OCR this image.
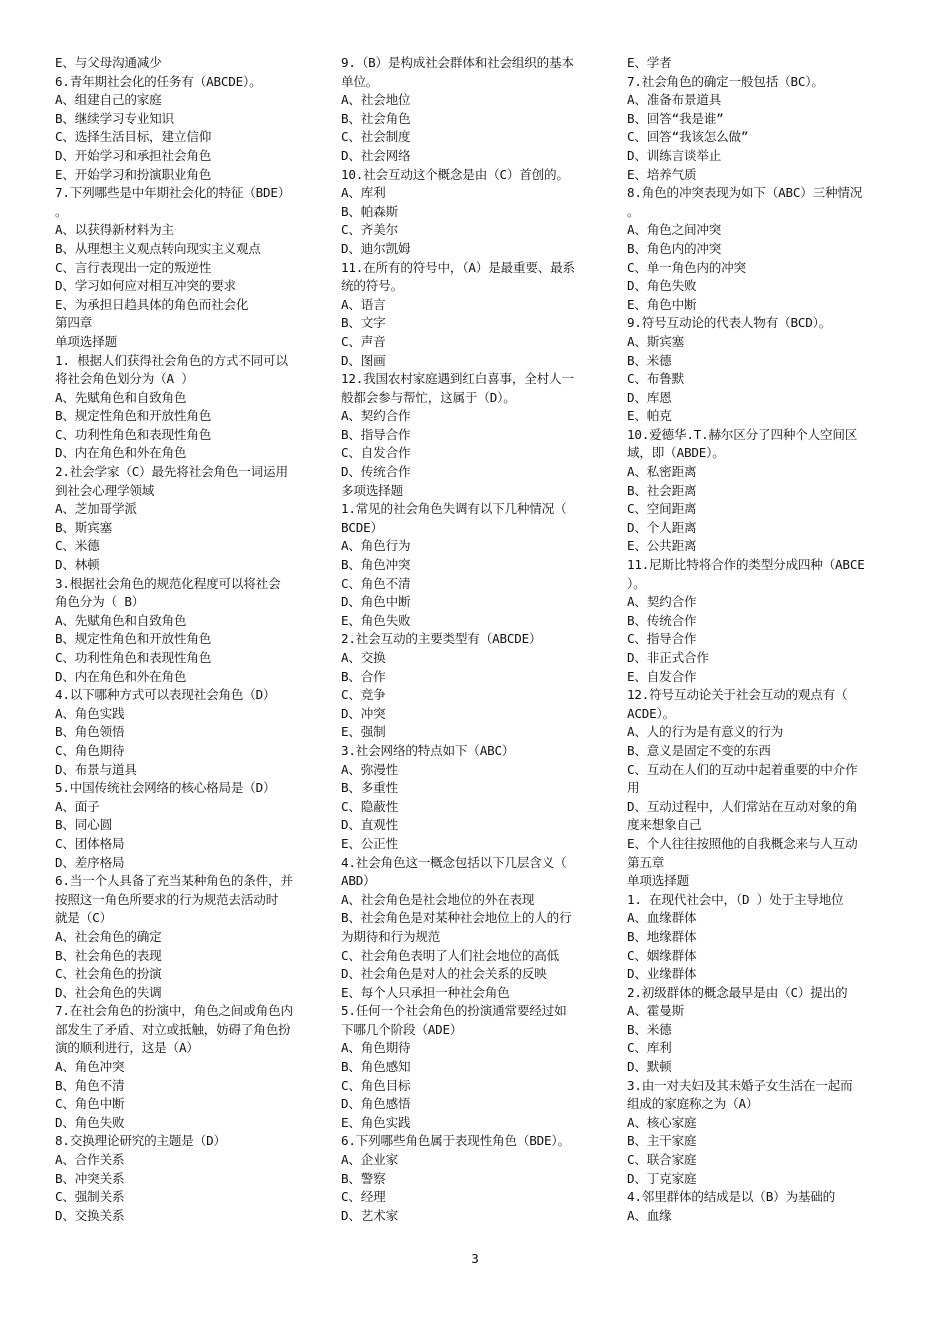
E、与父母沟通减少
6.青年期社会化的任务有（ABCDE）。
A、组建自己的家庭
B、继续学习专业知识
C、选择生活目标，建立信仰
D、开始学习和承担社会角色
E、开始学习和扮演职业角色
7.下列哪些是中年期社会化的特征（BDE）
。
A、以获得新材料为主
B、从理想主义观点转向现实主义观点
C、言行表现出一定的叛逆性
D、学习如何应对相互冲突的要求
E、为承担日趋具体的角色而社会化
第四章
单项选择题
1. 根据人们获得社会角色的方式不同可以
将社会角色划分为（A ）
A、先赋角色和自致角色
B、规定性角色和开放性角色
C、功利性角色和表现性角色
D、内在角色和外在角色
2.社会学家（C）最先将社会角色一词运用
到社会心理学领域
A、芝加哥学派
B、斯宾塞
C、米德
D、林顿
3.根据社会角色的规范化程度可以将社会
角色分为（ B）
A、先赋角色和自致角色
B、规定性角色和开放性角色
C、功利性角色和表现性角色
D、内在角色和外在角色
4.以下哪种方式可以表现社会角色（D）
A、角色实践
B、角色领悟
C、角色期待
D、布景与道具
5.中国传统社会网络的核心格局是（D）
A、面子
B、同心圆
C、团体格局
D、差序格局
6.当一个人具备了充当某种角色的条件，并
按照这一角色所要求的行为规范去活动时
就是（C）
A、社会角色的确定
B、社会角色的表现
C、社会角色的扮演
D、社会角色的失调
7.在社会角色的扮演中，角色之间或角色内
部发生了矛盾、对立或抵触，妨碍了角色扮
演的顺利进行，这是（A）
A、角色冲突
B、角色不清
C、角色中断
D、角色失败
8.交换理论研究的主题是（D）
A、合作关系
B、冲突关系
C、强制关系
D、交换关系
9.（B）是构成社会群体和社会组织的基本
单位。
A、社会地位
B、社会角色
C、社会制度
D、社会网络
10.社会互动这个概念是由（C）首创的。
A、库利
B、帕森斯
C、齐美尔
D、迪尔凯姆
11.在所有的符号中，（A）是最重要、最系
统的符号。
A、语言
B、文字
C、声音
D、图画
12.我国农村家庭遇到红白喜事，全村人一
般都会参与帮忙，这属于（D）。
A、契约合作
B、指导合作
C、自发合作
D、传统合作
多项选择题
1.常见的社会角色失调有以下几种情况（
BCDE）
A、角色行为
B、角色冲突
C、角色不清
D、角色中断
E、角色失败
2.社会互动的主要类型有（ABCDE）
A、交换
B、合作
C、竞争
D、冲突
E、强制
3.社会网络的特点如下（ABC）
A、弥漫性
B、多重性
C、隐蔽性
D、直观性
E、公正性
4.社会角色这一概念包括以下几层含义（
ABD）
A、社会角色是社会地位的外在表现
B、社会角色是对某种社会地位上的人的行
为期待和行为规范
C、社会角色表明了人们社会地位的高低
D、社会角色是对人的社会关系的反映
E、每个人只承担一种社会角色
5.任何一个社会角色的扮演通常要经过如
下哪几个阶段（ADE）
A、角色期待
B、角色感知
C、角色目标
D、角色感悟
E、角色实践
6.下列哪些角色属于表现性角色（BDE）。
A、企业家
B、警察
C、经理
D、艺术家
E、学者
7.社会角色的确定一般包括（BC）。
A、准备布景道具
B、回答“我是谁”
C、回答“我该怎么做”
D、训练言谈举止
E、培养气质
8.角色的冲突表现为如下（ABC）三种情况
。
A、角色之间冲突
B、角色内的冲突
C、单一角色内的冲突
D、角色失败
E、角色中断
9.符号互动论的代表人物有（BCD）。
A、斯宾塞
B、米德
C、布鲁默
D、库恩
E、帕克
10.爱德华.T.赫尔区分了四种个人空间区
域，即（ABDE）。
A、私密距离
B、社会距离
C、空间距离
D、个人距离
E、公共距离
11.尼斯比特将合作的类型分成四种（ABCE
）。
A、契约合作
B、传统合作
C、指导合作
D、非正式合作
E、自发合作
12.符号互动论关于社会互动的观点有（
ACDE）。
A、人的行为是有意义的行为
B、意义是固定不变的东西
C、互动在人们的互动中起着重要的中介作
用
D、互动过程中，人们常站在互动对象的角
度来想象自己
E、个人往往按照他的自我概念来与人互动
第五章
单项选择题
1. 在现代社会中，（D ）处于主导地位
A、血缘群体
B、地缘群体
C、姻缘群体
D、业缘群体
2.初级群体的概念最早是由（C）提出的
A、霍曼斯
B、米德
C、库利
D、默顿
3.由一对夫妇及其未婚子女生活在一起而
组成的家庭称之为（A）
A、核心家庭
B、主干家庭
C、联合家庭
D、丁克家庭
4.邻里群体的结成是以（B）为基础的
A、血缘
3
